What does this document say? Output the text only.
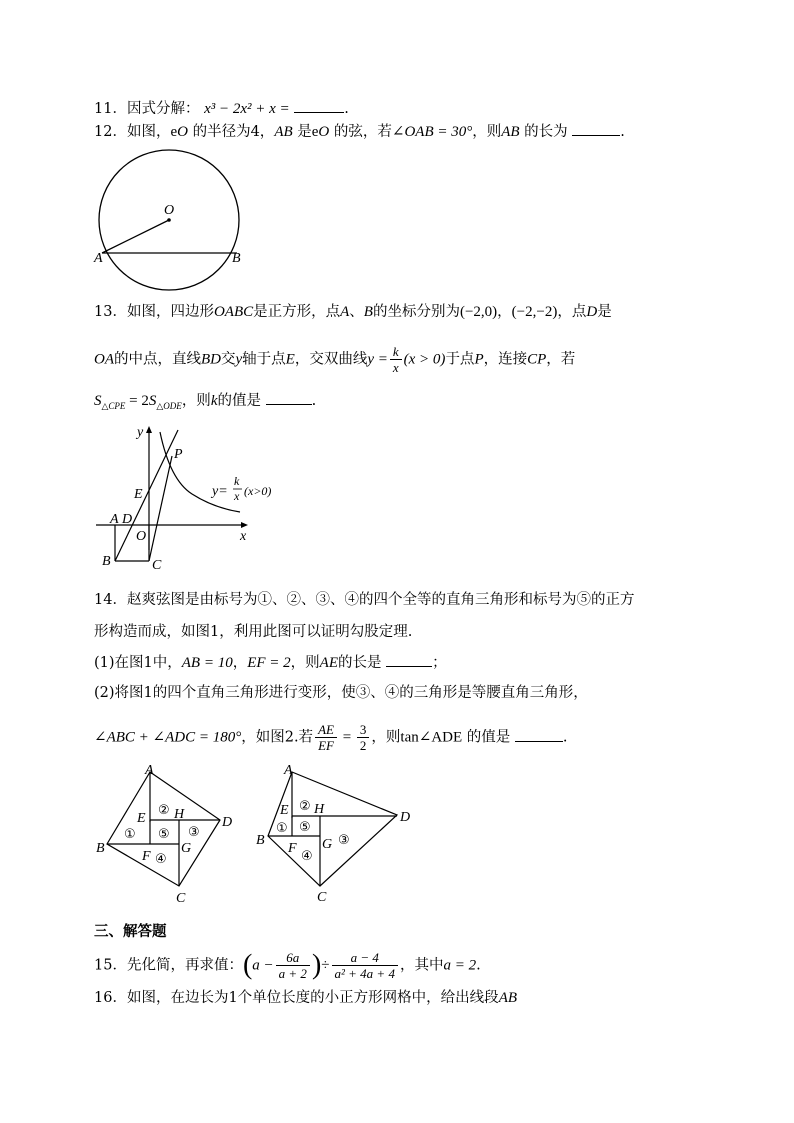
11．因式分解： x³ − 2x² + x =	.
12．如图，eO 的半径为4，AB 是eO 的弦，若∠OAB = 30°，则AB 的长为	.
O
A	B
13．如图，四边形OABC是正方形，点A、B的坐标分别为(−2,0)，(−2,−2)，点D是
OA的中点，直线BD交y轴于点E，交双曲线$y = \frac{k}{x} (x > 0)$于点P，连接CP，若
$S_{\triangle CPE} = 2S_{\triangle ODE}$，则k的值是	.
y
x
P
E
A D
O
B	C
y=
k
x (x>0)
14．赵爽弦图是由标号为①、②、③、④的四个全等的直角三角形和标号为⑤的正方
形构造而成，如图1，利用此图可以证明勾股定理.
(1)在图1中，AB = 10，EF = 2，则AE的长是	；
(2)将图1的四个直角三角形进行变形，使③、④的三角形是等腰直角三角形，
∠ABC + ∠ADC = 180°，如图2.若 $\frac{AE}{EF} = \frac{3}{2}$ ，则tan∠ADE 的值是	.
A
D
C
B
E H
G
F
①
②
③
④
⑤
A
D
C
B
E H
G
F
①
②
③
④
⑤
三、解答题
15．先化简，再求值：($a - \frac{6a}{a + 2}$ )÷ $\frac{a - 4}{\text{a² + 4a + 4}}$ ，其中a = 2.
16．如图，在边长为1个单位长度的小正方形网格中，给出线段AB
